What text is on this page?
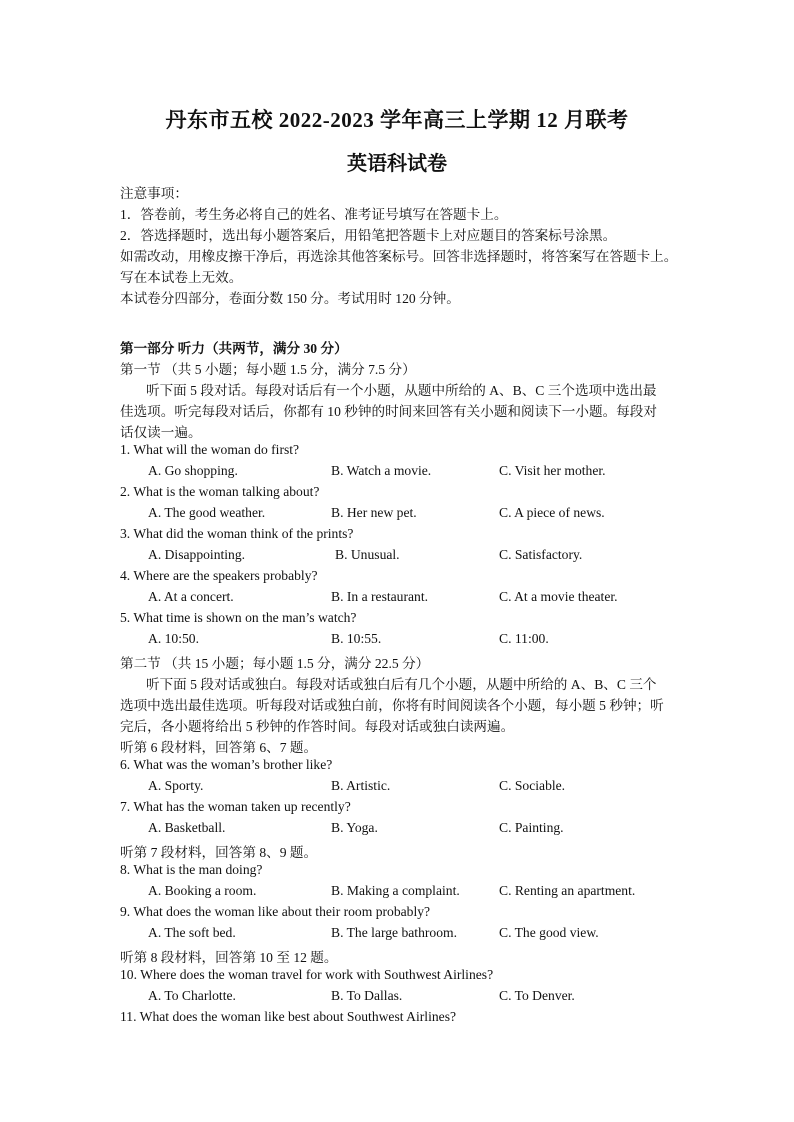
丹东市五校 2022-2023 学年高三上学期 12 月联考
英语科试卷
注意事项：
1．答卷前，考生务必将自己的姓名、准考证号填写在答题卡上。
2．答选择题时，选出每小题答案后，用铅笔把答题卡上对应题目的答案标号涂黑。
如需改动，用橡皮擦干净后，再选涂其他答案标号。回答非选择题时，将答案写在答题卡上。
写在本试卷上无效。
本试卷分四部分，卷面分数 150 分。考试用时 120 分钟。
第一部分 听力（共两节，满分 30 分）
第一节 （共 5 小题；每小题 1.5 分，满分 7.5 分）
听下面 5 段对话。每段对话后有一个小题，从题中所给的 A、B、C 三个选项中选出最
佳选项。听完每段对话后，你都有 10 秒钟的时间来回答有关小题和阅读下一小题。每段对
话仅读一遍。
1. What will the woman do first?
A. Go shopping.	B. Watch a movie.	C. Visit her mother.
2. What is the woman talking about?
A. The good weather.	B. Her new pet.	C. A piece of news.
3. What did the woman think of the prints?
A. Disappointing.	B. Unusual.	C. Satisfactory.
4. Where are the speakers probably?
A. At a concert.	B. In a restaurant.	C. At a movie theater.
5. What time is shown on the man’s watch?
A. 10:50.	B. 10:55.	C. 11:00.
第二节 （共 15 小题；每小题 1.5 分，满分 22.5 分）
听下面 5 段对话或独白。每段对话或独白后有几个小题，从题中所给的 A、B、C 三个
选项中选出最佳选项。听每段对话或独白前，你将有时间阅读各个小题，每小题 5 秒钟；听
完后，各小题将给出 5 秒钟的作答时间。每段对话或独白读两遍。
听第 6 段材料，回答第 6、7 题。
6. What was the woman’s brother like?
A. Sporty.	B. Artistic.	C. Sociable.
7. What has the woman taken up recently?
A. Basketball.	B. Yoga.	C. Painting.
听第 7 段材料，回答第 8、9 题。
8. What is the man doing?
A. Booking a room.	B. Making a complaint.	C. Renting an apartment.
9. What does the woman like about their room probably?
A. The soft bed.	B. The large bathroom.	C. The good view.
听第 8 段材料，回答第 10 至 12 题。
10. Where does the woman travel for work with Southwest Airlines?
A. To Charlotte.	B. To Dallas.	C. To Denver.
11. What does the woman like best about Southwest Airlines?
